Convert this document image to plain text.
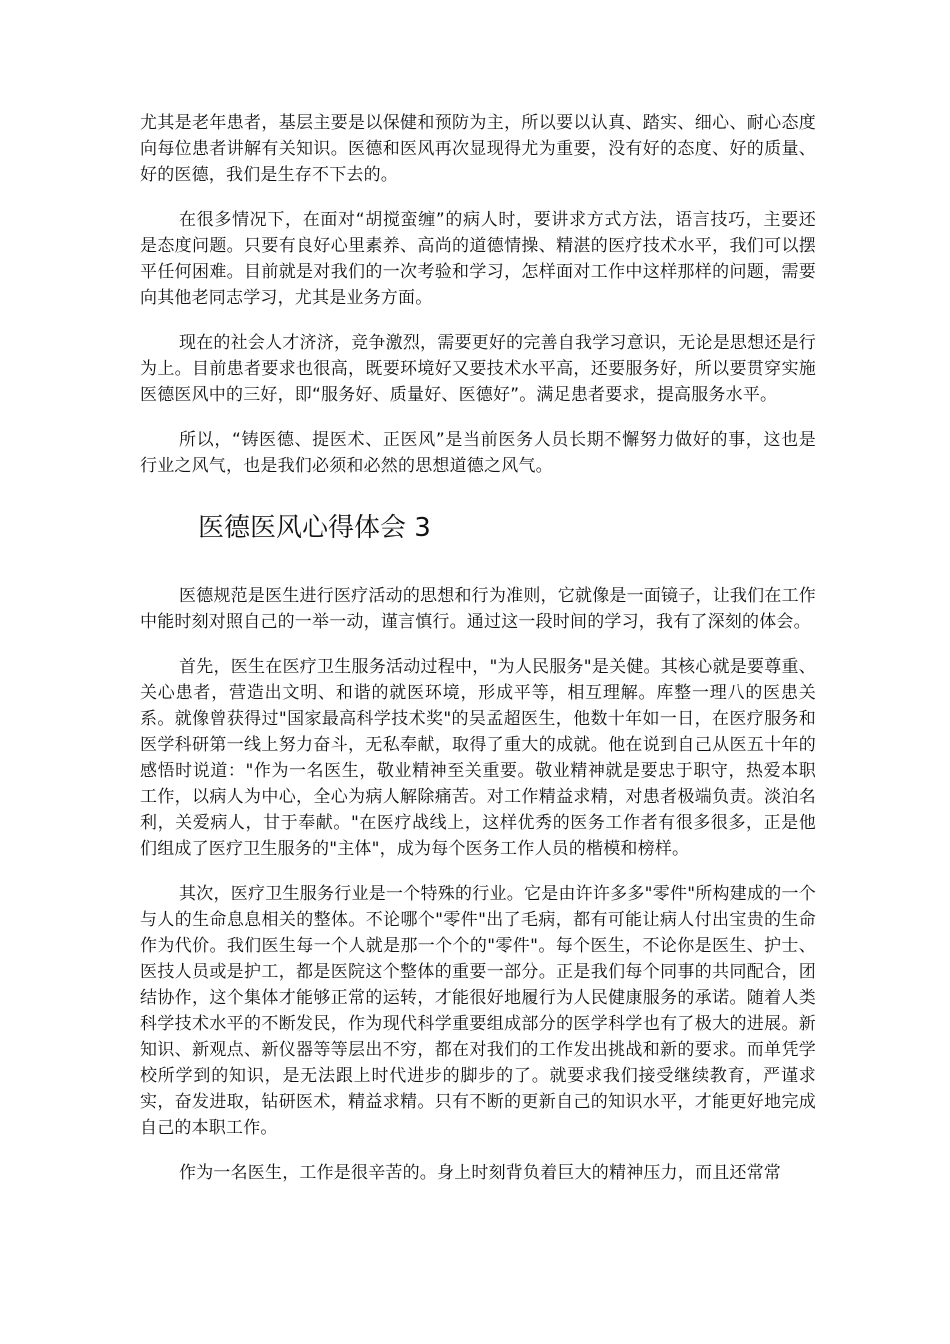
尤其是老年患者，基层主要是以保健和预防为主，所以要以认真、踏实、细心、耐心态度向每位患者讲解有关知识。医德和医风再次显现得尤为重要，没有好的态度、好的质量、好的医德，我们是生存不下去的。

在很多情况下，在面对“胡搅蛮缠”的病人时，要讲求方式方法，语言技巧，主要还是态度问题。只要有良好心里素养、高尚的道德情操、精湛的医疗技术水平，我们可以摆平任何困难。目前就是对我们的一次考验和学习，怎样面对工作中这样那样的问题，需要向其他老同志学习，尤其是业务方面。

现在的社会人才济济，竞争激烈，需要更好的完善自我学习意识，无论是思想还是行为上。目前患者要求也很高，既要环境好又要技术水平高，还要服务好，所以要贯穿实施医德医风中的三好，即“服务好、质量好、医德好”。满足患者要求，提高服务水平。

所以，“铸医德、提医术、正医风”是当前医务人员长期不懈努力做好的事，这也是行业之风气，也是我们必须和必然的思想道德之风气。

医德医风心得体会 3

医德规范是医生进行医疗活动的思想和行为准则，它就像是一面镜子，让我们在工作中能时刻对照自己的一举一动，谨言慎行。通过这一段时间的学习，我有了深刻的体会。

首先，医生在医疗卫生服务活动过程中，"为人民服务"是关健。其核心就是要尊重、关心患者，营造出文明、和谐的就医环境，形成平等，相互理解。库整一理八的医患关系。就像曾获得过"国家最高科学技术奖"的吴孟超医生，他数十年如一日，在医疗服务和医学科研第一线上努力奋斗，无私奉献，取得了重大的成就。他在说到自己从医五十年的感悟时说道："作为一名医生，敬业精神至关重要。敬业精神就是要忠于职守，热爱本职工作，以病人为中心，全心为病人解除痛苦。对工作精益求精，对患者极端负责。淡泊名利，关爱病人，甘于奉献。"在医疗战线上，这样优秀的医务工作者有很多很多，正是他们组成了医疗卫生服务的"主体"，成为每个医务工作人员的楷模和榜样。

其次，医疗卫生服务行业是一个特殊的行业。它是由许许多多"零件"所构建成的一个与人的生命息息相关的整体。不论哪个"零件"出了毛病，都有可能让病人付出宝贵的生命作为代价。我们医生每一个人就是那一个个的"零件"。每个医生，不论你是医生、护士、医技人员或是护工，都是医院这个整体的重要一部分。正是我们每个同事的共同配合，团结协作，这个集体才能够正常的运转，才能很好地履行为人民健康服务的承诺。随着人类科学技术水平的不断发民，作为现代科学重要组成部分的医学科学也有了极大的进展。新知识、新观点、新仪器等等层出不穷，都在对我们的工作发出挑战和新的要求。而单凭学校所学到的知识，是无法跟上时代进步的脚步的了。就要求我们接受继续教育，严谨求实，奋发进取，钻研医术，精益求精。只有不断的更新自己的知识水平，才能更好地完成自己的本职工作。

作为一名医生，工作是很辛苦的。身上时刻背负着巨大的精神压力，而且还常常
